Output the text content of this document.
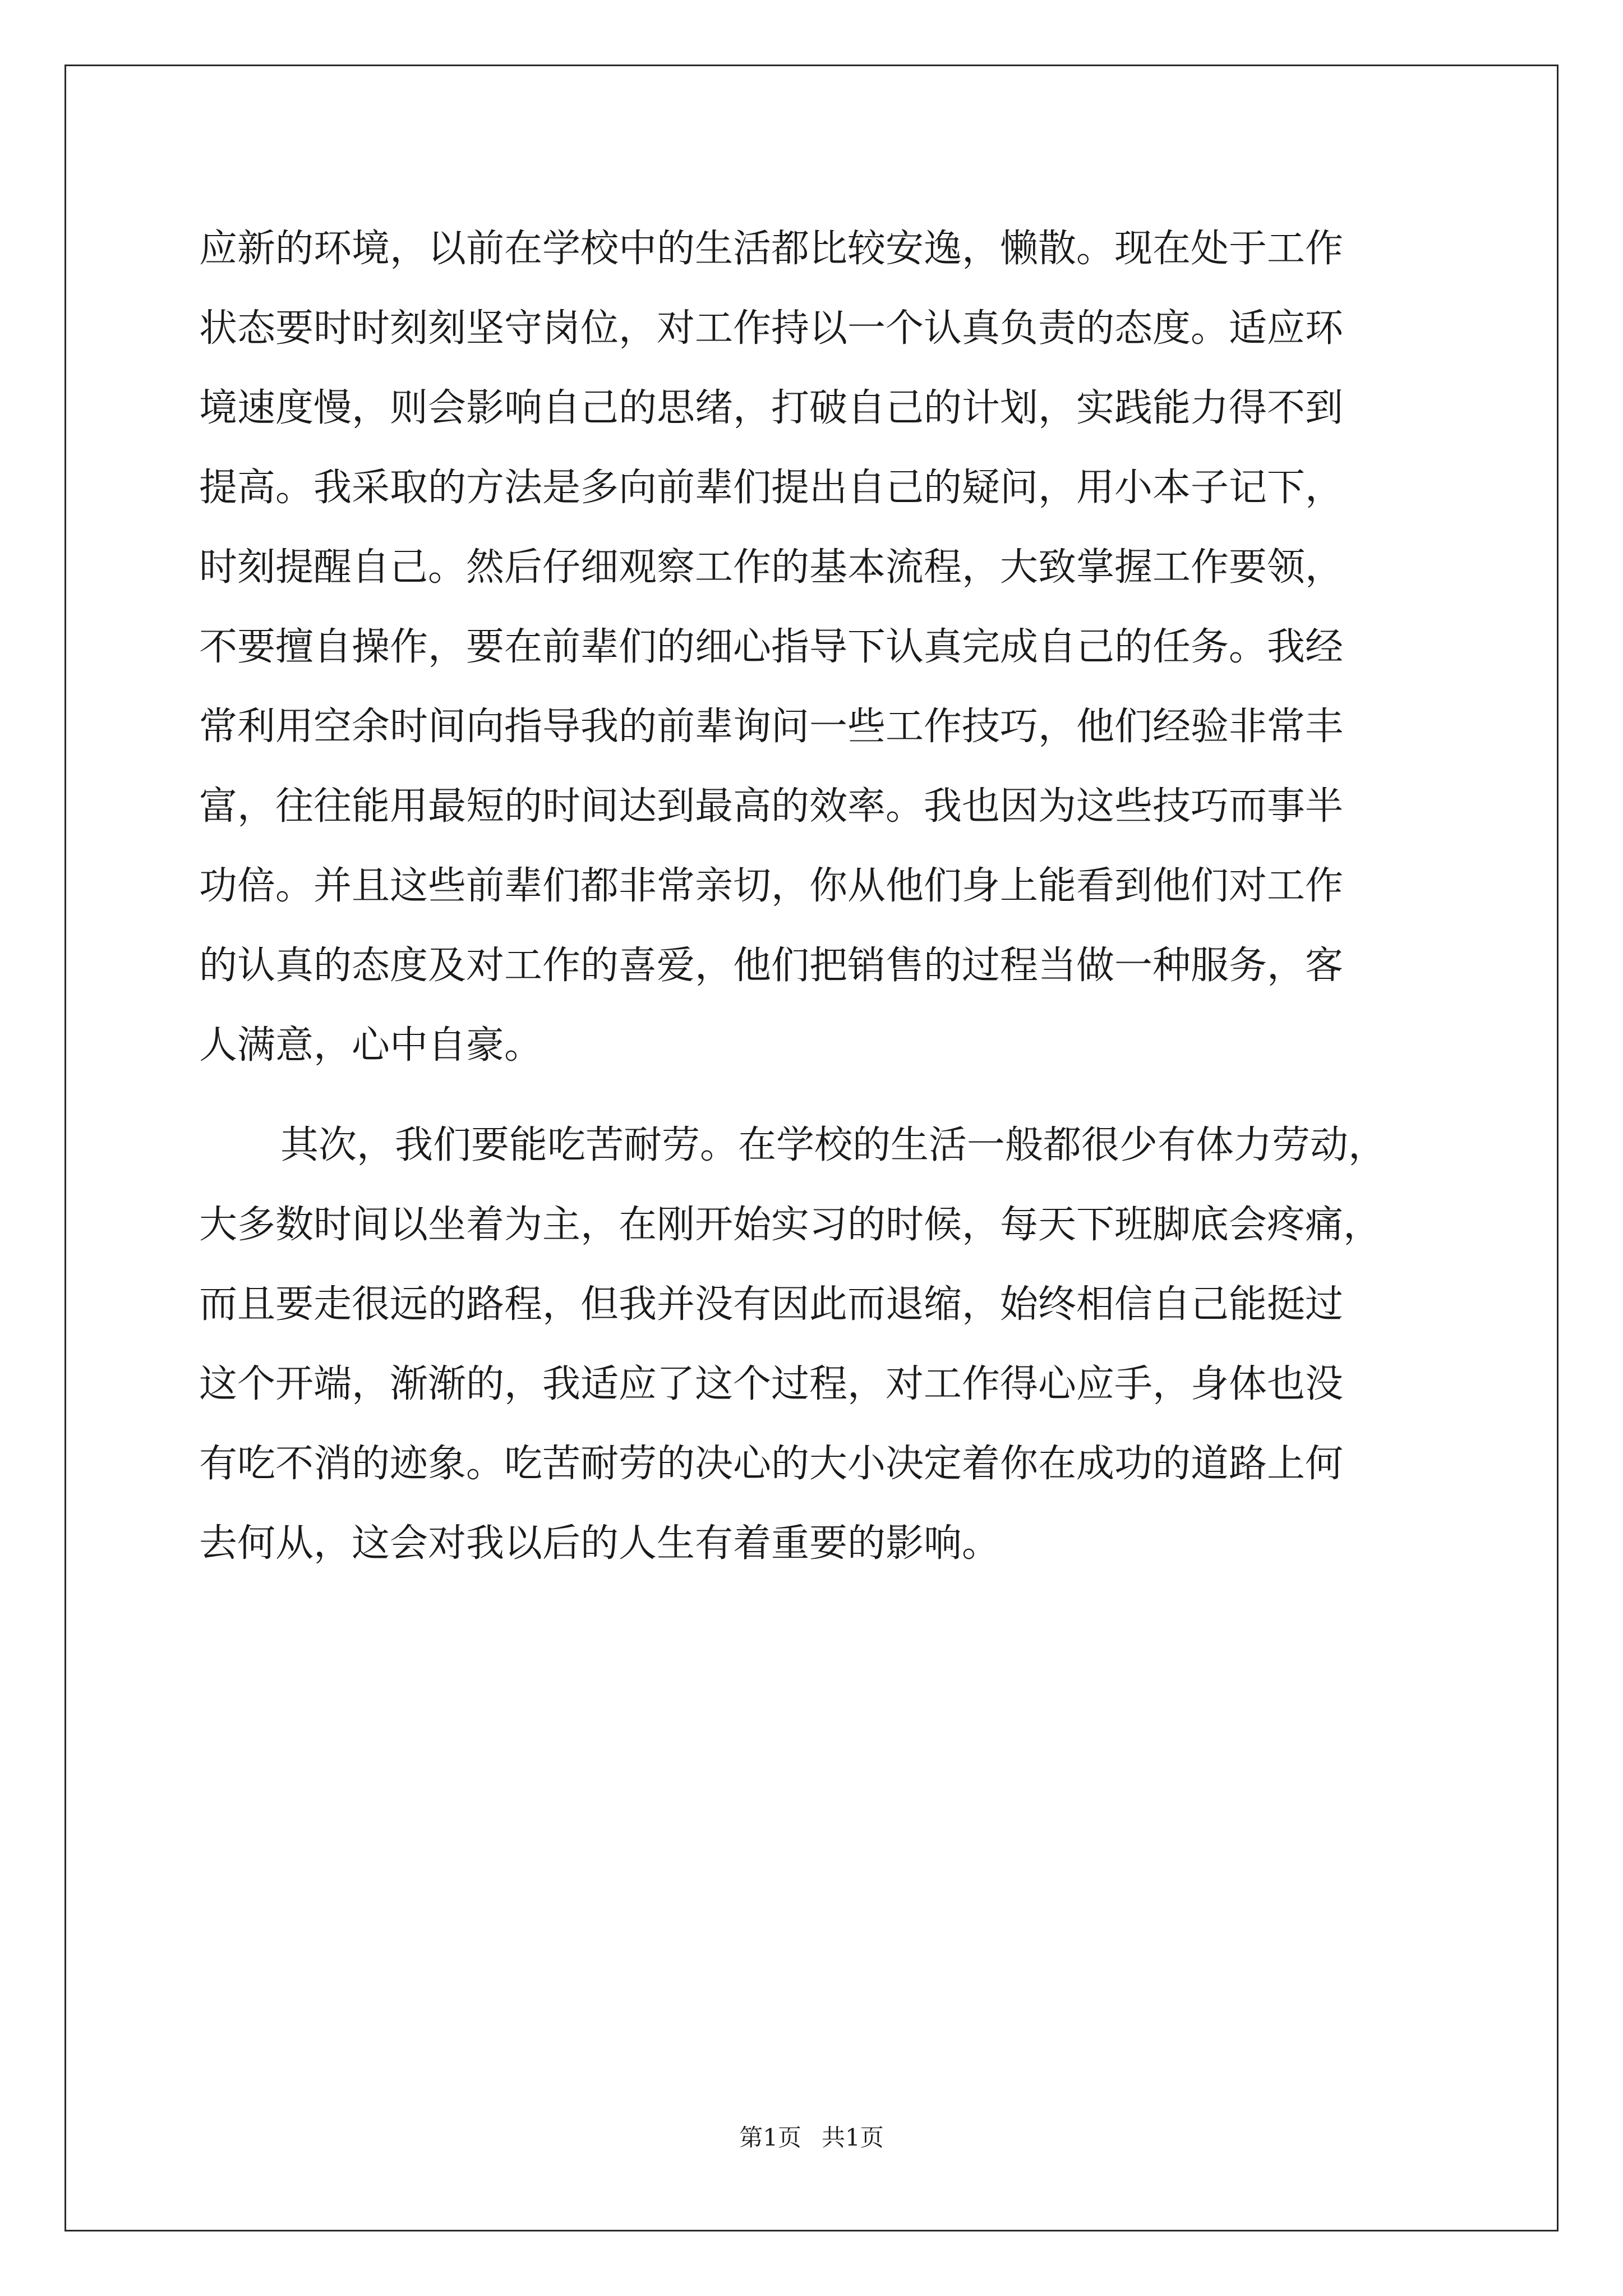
应新的环境，以前在学校中的生活都比较安逸，懒散。现在处于工作
状态要时时刻刻坚守岗位，对工作持以一个认真负责的态度。适应环
境速度慢，则会影响自己的思绪，打破自己的计划，实践能力得不到
提高。我采取的方法是多向前辈们提出自己的疑问，用小本子记下，
时刻提醒自己。然后仔细观察工作的基本流程，大致掌握工作要领，
不要擅自操作，要在前辈们的细心指导下认真完成自己的任务。我经
常利用空余时间向指导我的前辈询问一些工作技巧，他们经验非常丰
富，往往能用最短的时间达到最高的效率。我也因为这些技巧而事半
功倍。并且这些前辈们都非常亲切，你从他们身上能看到他们对工作
的认真的态度及对工作的喜爱，他们把销售的过程当做一种服务，客
人满意，心中自豪。
其次，我们要能吃苦耐劳。在学校的生活一般都很少有体力劳动，
大多数时间以坐着为主，在刚开始实习的时候，每天下班脚底会疼痛，
而且要走很远的路程，但我并没有因此而退缩，始终相信自己能挺过
这个开端，渐渐的，我适应了这个过程，对工作得心应手，身体也没
有吃不消的迹象。吃苦耐劳的决心的大小决定着你在成功的道路上何
去何从，这会对我以后的人生有着重要的影响。
第1页 共1页
